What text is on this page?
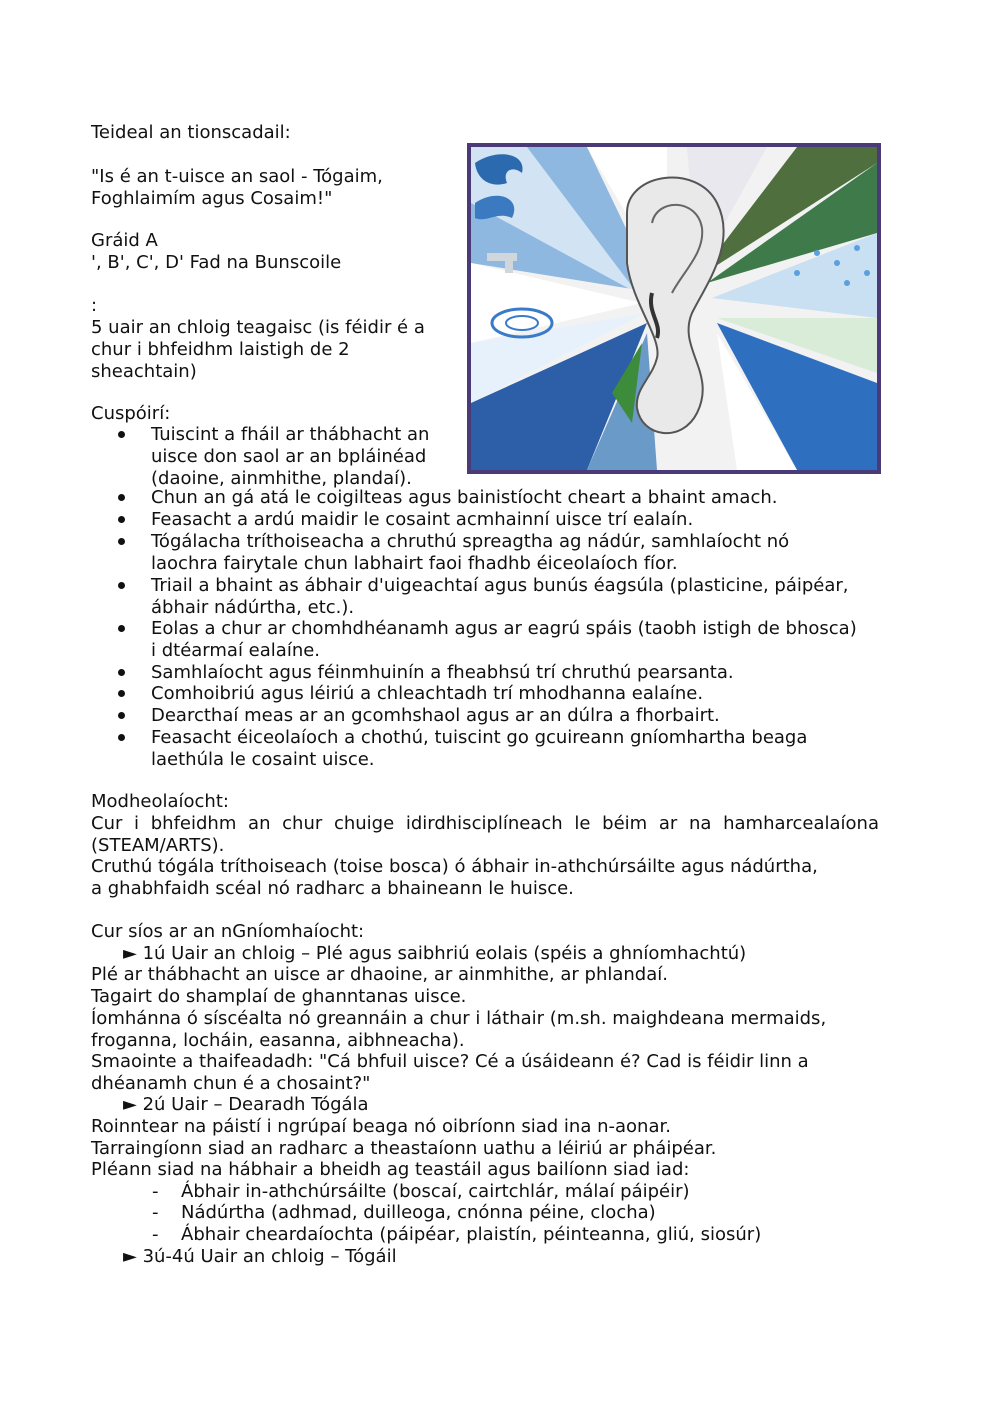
Teideal an tionscadail:
"Is é an t-uisce an saol - Tógaim,
Foghlaimím agus Cosaim!"
Gráid A
', B', C', D' Fad na Bunscoile
:
5 uair an chloig teagaisc (is féidir é a
chur i bhfeidhm laistigh de 2
sheachtain)
Cuspóirí:
Tuiscint a fháil ar thábhacht an
uisce don saol ar an bpláinéad
(daoine, ainmhithe, plandaí).
Chun an gá atá le coigilteas agus bainistíocht cheart a bhaint amach.
Feasacht a ardú maidir le cosaint acmhainní uisce trí ealaín.
Tógálacha tríthoiseacha a chruthú spreagtha ag nádúr, samhlaíocht nó
laochra fairytale chun labhairt faoi fhadhb éiceolaíoch fíor.
Triail a bhaint as ábhair d'uigeachtaí agus bunús éagsúla (plasticine, páipéar,
ábhair nádúrtha, etc.).
Eolas a chur ar chomhdhéanamh agus ar eagrú spáis (taobh istigh de bhosca)
i dtéarmaí ealaíne.
Samhlaíocht agus féinmhuinín a fheabhsú trí chruthú pearsanta.
Comhoibriú agus léiriú a chleachtadh trí mhodhanna ealaíne.
Dearcthaí meas ar an gcomhshaol agus ar an dúlra a fhorbairt.
Feasacht éiceolaíoch a chothú, tuiscint go gcuireann gníomhartha beaga
laethúla le cosaint uisce.
Modheolaíocht:
Cur i bhfeidhm an chur chuige idirdhisciplíneach le béim ar na hamharcealaíona
(STEAM/ARTS).
Cruthú tógála tríthoiseach (toise bosca) ó ábhair in-athchúrsáilte agus nádúrtha,
a ghabhfaidh scéal nó radharc a bhaineann le huisce.
Cur síos ar an nGníomhaíocht:
► 1ú Uair an chloig – Plé agus saibhriú eolais (spéis a ghníomhachtú)
Plé ar thábhacht an uisce ar dhaoine, ar ainmhithe, ar phlandaí.
Tagairt do shamplaí de ghanntanas uisce.
Íomhánna ó síscéalta nó greannáin a chur i láthair (m.sh. maighdeana mermaids,
froganna, locháin, easanna, aibhneacha).
Smaointe a thaifeadadh: "Cá bhfuil uisce? Cé a úsáideann é? Cad is féidir linn a
dhéanamh chun é a chosaint?"
► 2ú Uair – Dearadh Tógála
Roinntear na páistí i ngrúpaí beaga nó oibríonn siad ina n-aonar.
Tarraingíonn siad an radharc a theastaíonn uathu a léiriú ar pháipéar.
Pléann siad na hábhair a bheidh ag teastáil agus bailíonn siad iad:
- Ábhair in-athchúrsáilte (boscaí, cairtchlár, málaí páipéir)
- Nádúrtha (adhmad, duilleoga, cnónna péine, clocha)
- Ábhair cheardaíochta (páipéar, plaistín, péinteanna, gliú, siosúr)
► 3ú-4ú Uair an chloig – Tógáil
